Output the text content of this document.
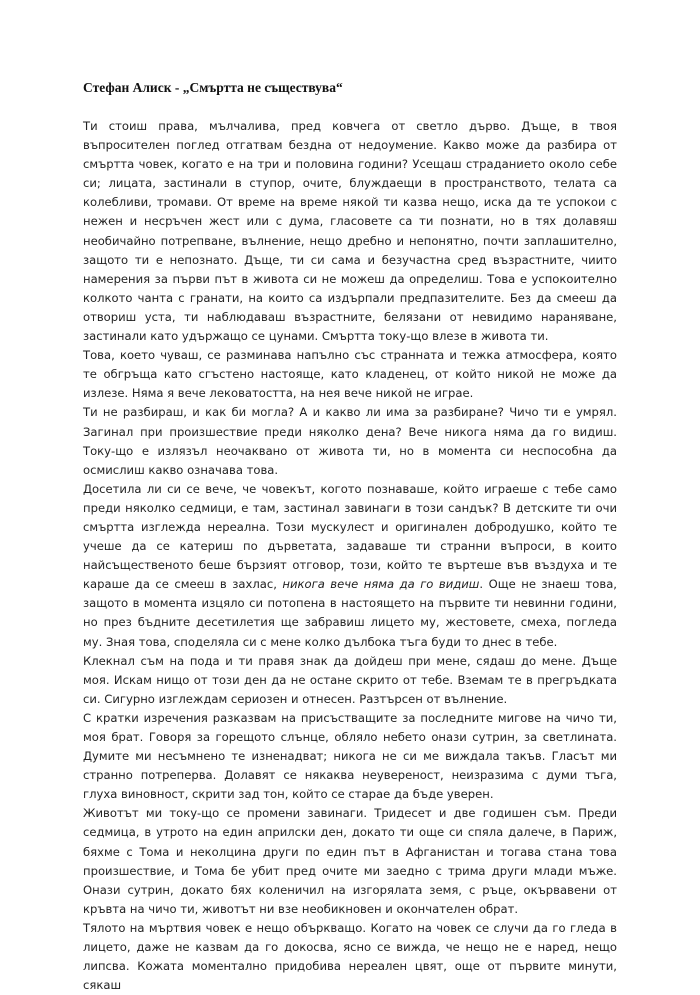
Стефан Алиск - „Смъртта не съществува“

Ти стоиш права, мълчалива, пред ковчега от светло дърво. Дъще, в твоя въпросителен поглед отгатвам бездна от недоумение. Какво може да разбира от смъртта човек, когато е на три и половина години? Усещаш страданието около себе си; лицата, застинали в ступор, очите, блуждаещи в пространството, телата са колебливи, тромави. От време на време някой ти казва нещо, иска да те успокои с нежен и несръчен жест или с дума, гласовете са ти познати, но в тях долавяш необичайно потрепване, вълнение, нещо дребно и непонятно, почти заплашително, защото ти е непознато. Дъще, ти си сама и безучастна сред възрастните, чиито намерения за първи път в живота си не можеш да определиш. Това е успокоително колкото чанта с гранати, на които са издърпали предпазителите. Без да смееш да отвориш уста, ти наблюдаваш възрастните, белязани от невидимо нараняване, застинали като удържащо се цунами. Смъртта току-що влезе в живота ти.

Това, което чуваш, се разминава напълно със странната и тежка атмосфера, която те обгръща като сгъстено настояще, като кладенец, от който никой не може да излезе. Няма я вече лековатостта, на нея вече никой не играе.

Ти не разбираш, и как би могла? А и какво ли има за разбиране? Чичо ти е умрял. Загинал при произшествие преди няколко дена? Вече никога няма да го видиш. Току-що е излязъл неочаквано от живота ти, но в момента си неспособна да осмислиш какво означава това.

Досетила ли си се вече, че човекът, когото познаваше, който играеше с тебе само преди няколко седмици, е там, застинал завинаги в този сандък? В детските ти очи смъртта изглежда нереална. Този мускулест и оригинален добродушко, който те учеше да се катериш по дърветата, задаваше ти странни въпроси, в които найсъщественото беше бързият отговор, този, който те въртеше във въздуха и те караше да се смееш в захлас, никога вече няма да го видиш. Още не знаеш това, защото в момента изцяло си потопена в настоящето на първите ти невинни години, но през бъдните десетилетия ще забравиш лицето му, жестовете, смеха, погледа му. Зная това, споделяла си с мене колко дълбока тъга буди то днес в тебе.

Клекнал съм на пода и ти правя знак да дойдеш при мене, сядаш до мене. Дъще моя. Искам нищо от този ден да не остане скрито от тебе. Вземам те в прегръдката си. Сигурно изглеждам сериозен и отнесен. Разтърсен от вълнение.

С кратки изречения разказвам на присъстващите за последните мигове на чичо ти, моя брат. Говоря за горещото слънце, обляло небето онази сутрин, за светлината. Думите ми несъмнено те изненадват; никога не си ме виждала такъв. Гласът ми странно потреперва. Долавят се някаква неувереност, неизразима с думи тъга, глуха виновност, скрити зад тон, който се старае да бъде уверен.

Животът ми току-що се промени завинаги. Тридесет и две годишен съм. Преди седмица, в утрото на един априлски ден, докато ти още си спяла далече, в Париж, бяхме с Тома и неколцина други по един път в Афганистан и тогава стана това произшествие, и Тома бе убит пред очите ми заедно с трима други млади мъже. Онази сутрин, докато бях коленичил на изгорялата земя, с ръце, окървавени от кръвта на чичо ти, животът ни взе необикновен и окончателен обрат.

Тялото на мъртвия човек е нещо объркващо. Когато на човек се случи да го гледа в лицето, даже не казвам да го докосва, ясно се вижда, че нещо не е наред, нещо липсва. Кожата моментално придобива нереален цвят, още от първите минути, сякаш
